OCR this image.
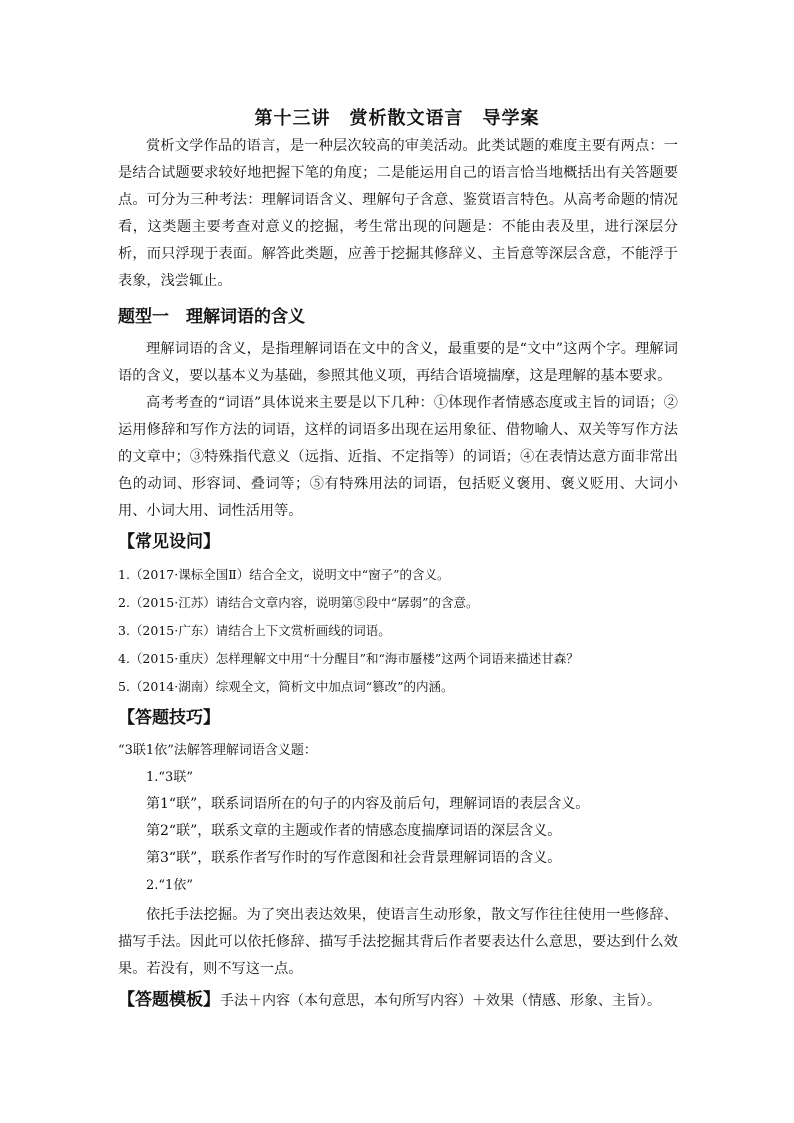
第十三讲　赏析散文语言　导学案
赏析文学作品的语言，是一种层次较高的审美活动。此类试题的难度主要有两点：一是结合试题要求较好地把握下笔的角度；二是能运用自己的语言恰当地概括出有关答题要点。可分为三种考法：理解词语含义、理解句子含意、鉴赏语言特色。从高考命题的情况看，这类题主要考查对意义的挖掘，考生常出现的问题是：不能由表及里，进行深层分析，而只浮现于表面。解答此类题，应善于挖掘其修辞义、主旨意等深层含意，不能浮于表象，浅尝辄止。
题型一　理解词语的含义
理解词语的含义，是指理解词语在文中的含义，最重要的是“文中”这两个字。理解词语的含义，要以基本义为基础，参照其他义项，再结合语境揣摩，这是理解的基本要求。
高考考查的“词语”具体说来主要是以下几种：①体现作者情感态度或主旨的词语；②运用修辞和写作方法的词语，这样的词语多出现在运用象征、借物喻人、双关等写作方法的文章中；③特殊指代意义（远指、近指、不定指等）的词语；④在表情达意方面非常出色的动词、形容词、叠词等；⑤有特殊用法的词语，包括贬义褒用、褒义贬用、大词小用、小词大用、词性活用等。
【常见设问】
1.（2017·课标全国Ⅱ）结合全文，说明文中“窗子”的含义。
2.（2015·江苏）请结合文章内容，说明第⑤段中“孱弱”的含意。
3.（2015·广东）请结合上下文赏析画线的词语。
4.（2015·重庆）怎样理解文中用“十分醒目”和“海市蜃楼”这两个词语来描述甘森？
5.（2014·湖南）综观全文，简析文中加点词“篡改”的内涵。
【答题技巧】
“3联1依”法解答理解词语含义题：
1.“3联”
第1“联”，联系词语所在的句子的内容及前后句，理解词语的表层含义。
第2“联”，联系文章的主题或作者的情感态度揣摩词语的深层含义。
第3“联”，联系作者写作时的写作意图和社会背景理解词语的含义。
2.“1依”
依托手法挖掘。为了突出表达效果，使语言生动形象，散文写作往往使用一些修辞、描写手法。因此可以依托修辞、描写手法挖掘其背后作者要表达什么意思，要达到什么效果。若没有，则不写这一点。
【答题模板】手法＋内容（本句意思，本句所写内容）＋效果（情感、形象、主旨）。
